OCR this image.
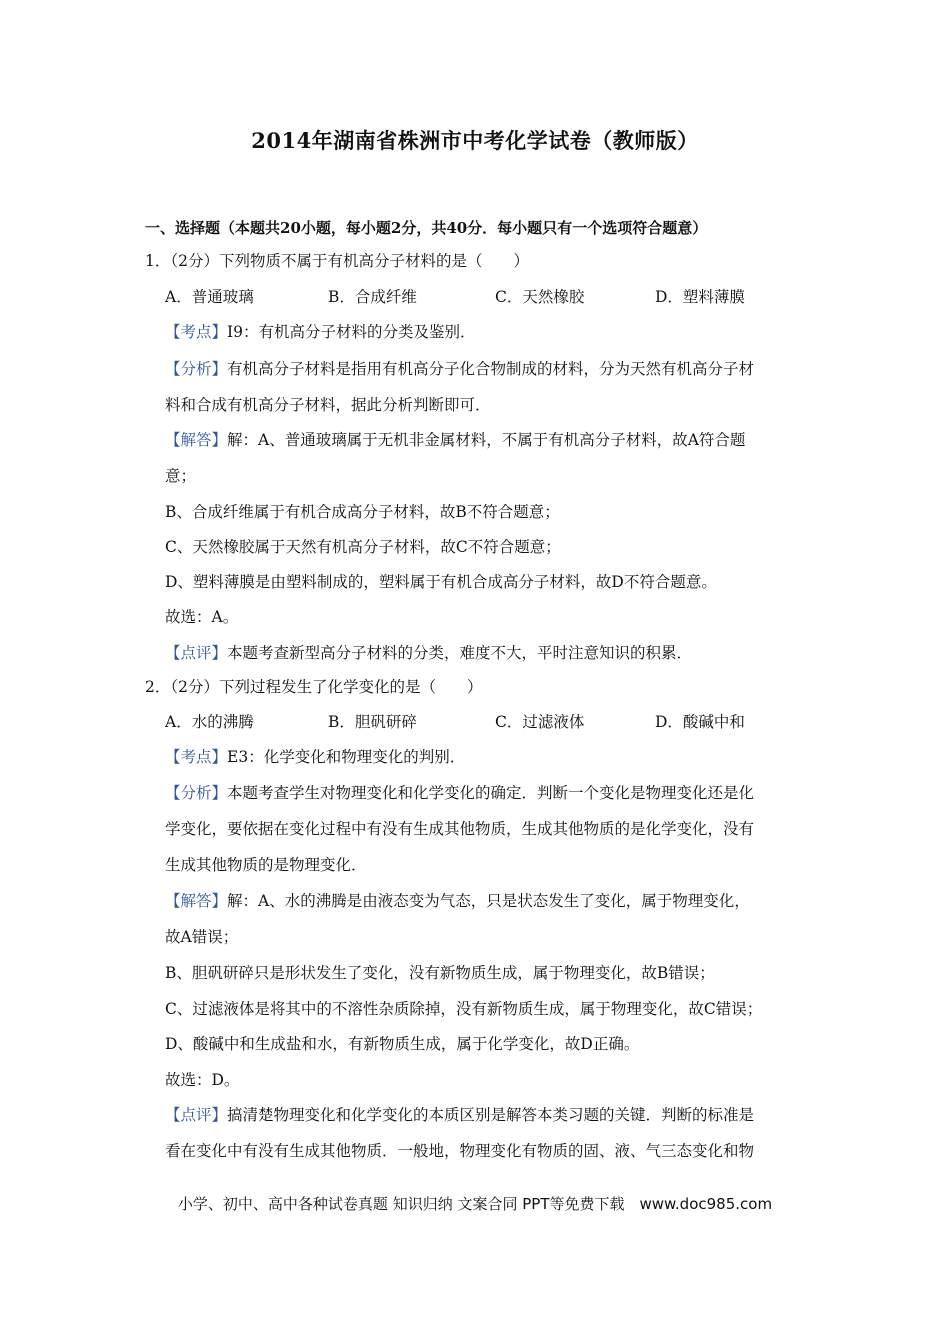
2014年湖南省株洲市中考化学试卷（教师版）
一、选择题（本题共20小题，每小题2分，共40分．每小题只有一个选项符合题意）
1．（2分）下列物质不属于有机高分子材料的是（　　）
A．普通玻璃	B．合成纤维	C．天然橡胶	D．塑料薄膜
【考点】I9：有机高分子材料的分类及鉴别．
【分析】有机高分子材料是指用有机高分子化合物制成的材料，分为天然有机高分子材
料和合成有机高分子材料，据此分析判断即可．
【解答】解：A、普通玻璃属于无机非金属材料，不属于有机高分子材料，故A符合题
意；
B、合成纤维属于有机合成高分子材料，故B不符合题意；
C、天然橡胶属于天然有机高分子材料，故C不符合题意；
D、塑料薄膜是由塑料制成的，塑料属于有机合成高分子材料，故D不符合题意。
故选：A。
【点评】本题考查新型高分子材料的分类，难度不大，平时注意知识的积累．
2．（2分）下列过程发生了化学变化的是（　　）
A．水的沸腾	B．胆矾研碎	C．过滤液体	D．酸碱中和
【考点】E3：化学变化和物理变化的判别．
【分析】本题考查学生对物理变化和化学变化的确定．判断一个变化是物理变化还是化
学变化，要依据在变化过程中有没有生成其他物质，生成其他物质的是化学变化，没有
生成其他物质的是物理变化．
【解答】解：A、水的沸腾是由液态变为气态，只是状态发生了变化，属于物理变化，
故A错误；
B、胆矾研碎只是形状发生了变化，没有新物质生成，属于物理变化，故B错误；
C、过滤液体是将其中的不溶性杂质除掉，没有新物质生成，属于物理变化，故C错误；
D、酸碱中和生成盐和水，有新物质生成，属于化学变化，故D正确。
故选：D。
【点评】搞清楚物理变化和化学变化的本质区别是解答本类习题的关键．判断的标准是
看在变化中有没有生成其他物质．一般地，物理变化有物质的固、液、气三态变化和物
小学、初中、高中各种试卷真题 知识归纳 文案合同 PPT等免费下载　www.doc985.com
